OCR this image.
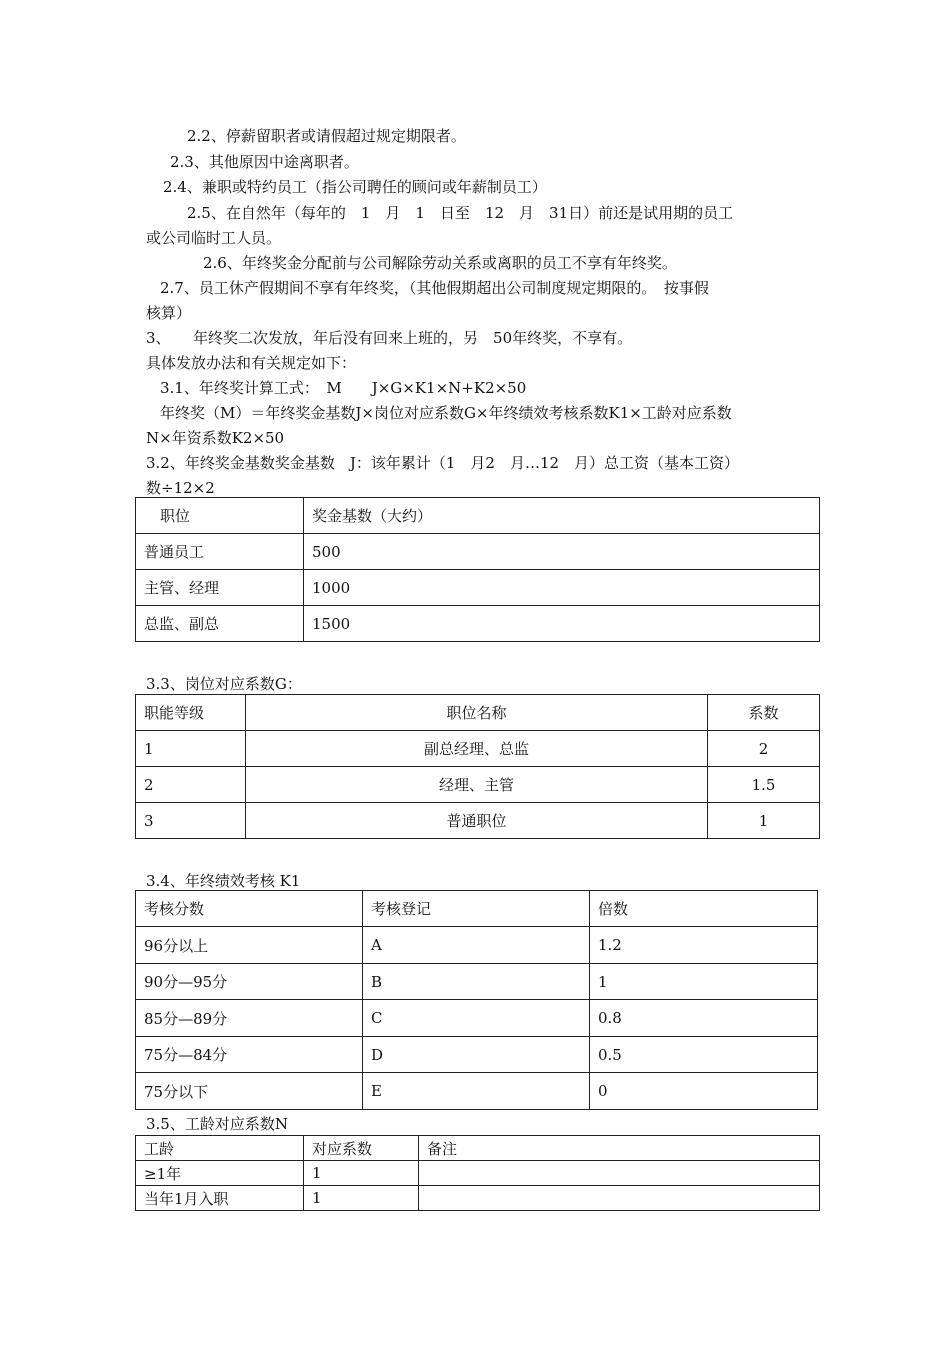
2.2、停薪留职者或请假超过规定期限者。
2.3、其他原因中途离职者。
2.4、兼职或特约员工（指公司聘任的顾问或年薪制员工）
2.5、在自然年（每年的　1　月　1　日至　12　月　31日）前还是试用期的员工
或公司临时工人员。
2.6、年终奖金分配前与公司解除劳动关系或离职的员工不享有年终奖。
2.7、员工休产假期间不享有年终奖，（其他假期超出公司制度规定期限的。　按事假
核算）
3、　　年终奖二次发放，年后没有回来上班的，另　50年终奖，不享有。
具体发放办法和有关规定如下：
3.1、年终奖计算工式：　M　　J×G×K1×N+K2×50
年终奖（M）＝年终奖金基数J×岗位对应系数G×年终绩效考核系数K1×工龄对应系数
N×年资系数K2×50
3.2、年终奖金基数奖金基数　J：该年累计（1　月2　月…12　月）总工资（基本工资）
数÷12×2
职位	奖金基数（大约）
普通员工	500
主管、经理	1000
总监、副总	1500
3.3、岗位对应系数G：
职能等级	职位名称	系数
1	副总经理、总监	2
2	经理、主管	1.5
3	普通职位	1
3.4、年终绩效考核 K1
考核分数	考核登记	倍数
96分以上	A	1.2
90分—95分	B	1
85分—89分	C	0.8
75分—84分	D	0.5
75分以下	E	0
3.5、工龄对应系数N
工龄	对应系数	备注
≥1年	1	
当年1月入职	1	
